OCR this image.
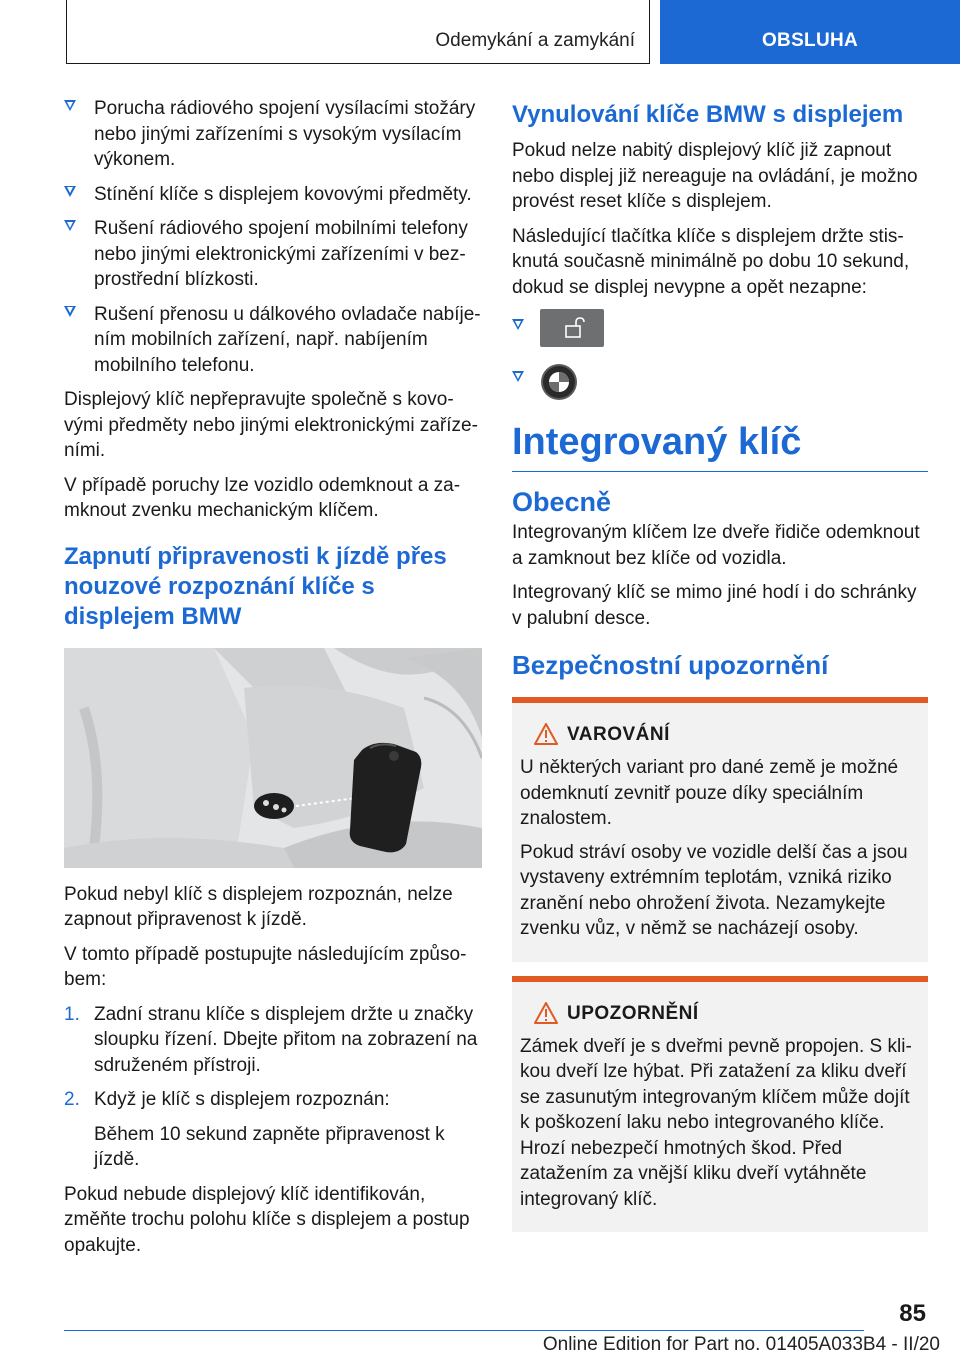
Odemykání a zamykání	OBSLUHA
Porucha rádiového spojení vysílacími stožáry nebo jinými zařízeními s vysokým vysílacím výkonem.
Stínění klíče s displejem kovovými předměty.
Rušení rádiového spojení mobilními telefony nebo jinými elektronickými zařízeními v bezprostřední blízkosti.
Rušení přenosu u dálkového ovladače nabíjením mobilních zařízení, např. nabíjením mobilního telefonu.

Displejový klíč nepřepravujte společně s kovovými předměty nebo jinými elektronickými zařízeními.

V případě poruchy lze vozidlo odemknout a zamknout zvenku mechanickým klíčem.

Zapnutí připravenosti k jízdě přes nouzové rozpoznání klíče s displejem BMW

Pokud nebyl klíč s displejem rozpoznán, nelze zapnout připravenost k jízdě.

V tomto případě postupujte následujícím způsobem:

1. Zadní stranu klíče s displejem držte u značky sloupku řízení. Dbejte přitom na zobrazení na sdruženém přístroji.
2. Když je klíč s displejem rozpoznán:
Během 10 sekund zapněte připravenost k jízdě.

Pokud nebude displejový klíč identifikován, změňte trochu polohu klíče s displejem a postup opakujte.

Vynulování klíče BMW s displejem

Pokud nelze nabitý displejový klíč již zapnout nebo displej již nereaguje na ovládání, je možno provést reset klíče s displejem.

Následující tlačítka klíče s displejem držte stisknutá současně minimálně po dobu 10 sekund, dokud se displej nevypne a opět nezapne:

Integrovaný klíč
Obecně

Integrovaným klíčem lze dveře řidiče odemknout a zamknout bez klíče od vozidla.

Integrovaný klíč se mimo jiné hodí i do schránky v palubní desce.

Bezpečnostní upozornění
VAROVÁNÍ

U některých variant pro dané země je možné odemknutí zevnitř pouze díky speciálním znalostem.

Pokud stráví osoby ve vozidle delší čas a jsou vystaveny extrémním teplotám, vzniká riziko zranění nebo ohrožení života. Nezamykejte zvenku vůz, v němž se nacházejí osoby.

UPOZORNĚNÍ

Zámek dveří je s dveřmi pevně propojen. S klikou dveří lze hýbat. Při zatažení za kliku dveří se zasunutým integrovaným klíčem může dojít k poškození laku nebo integrovaného klíče. Hrozí nebezpečí hmotných škod. Před zatažením za vnější kliku dveří vytáhněte integrovaný klíč.

85
Online Edition for Part no. 01405A033B4 - II/20
